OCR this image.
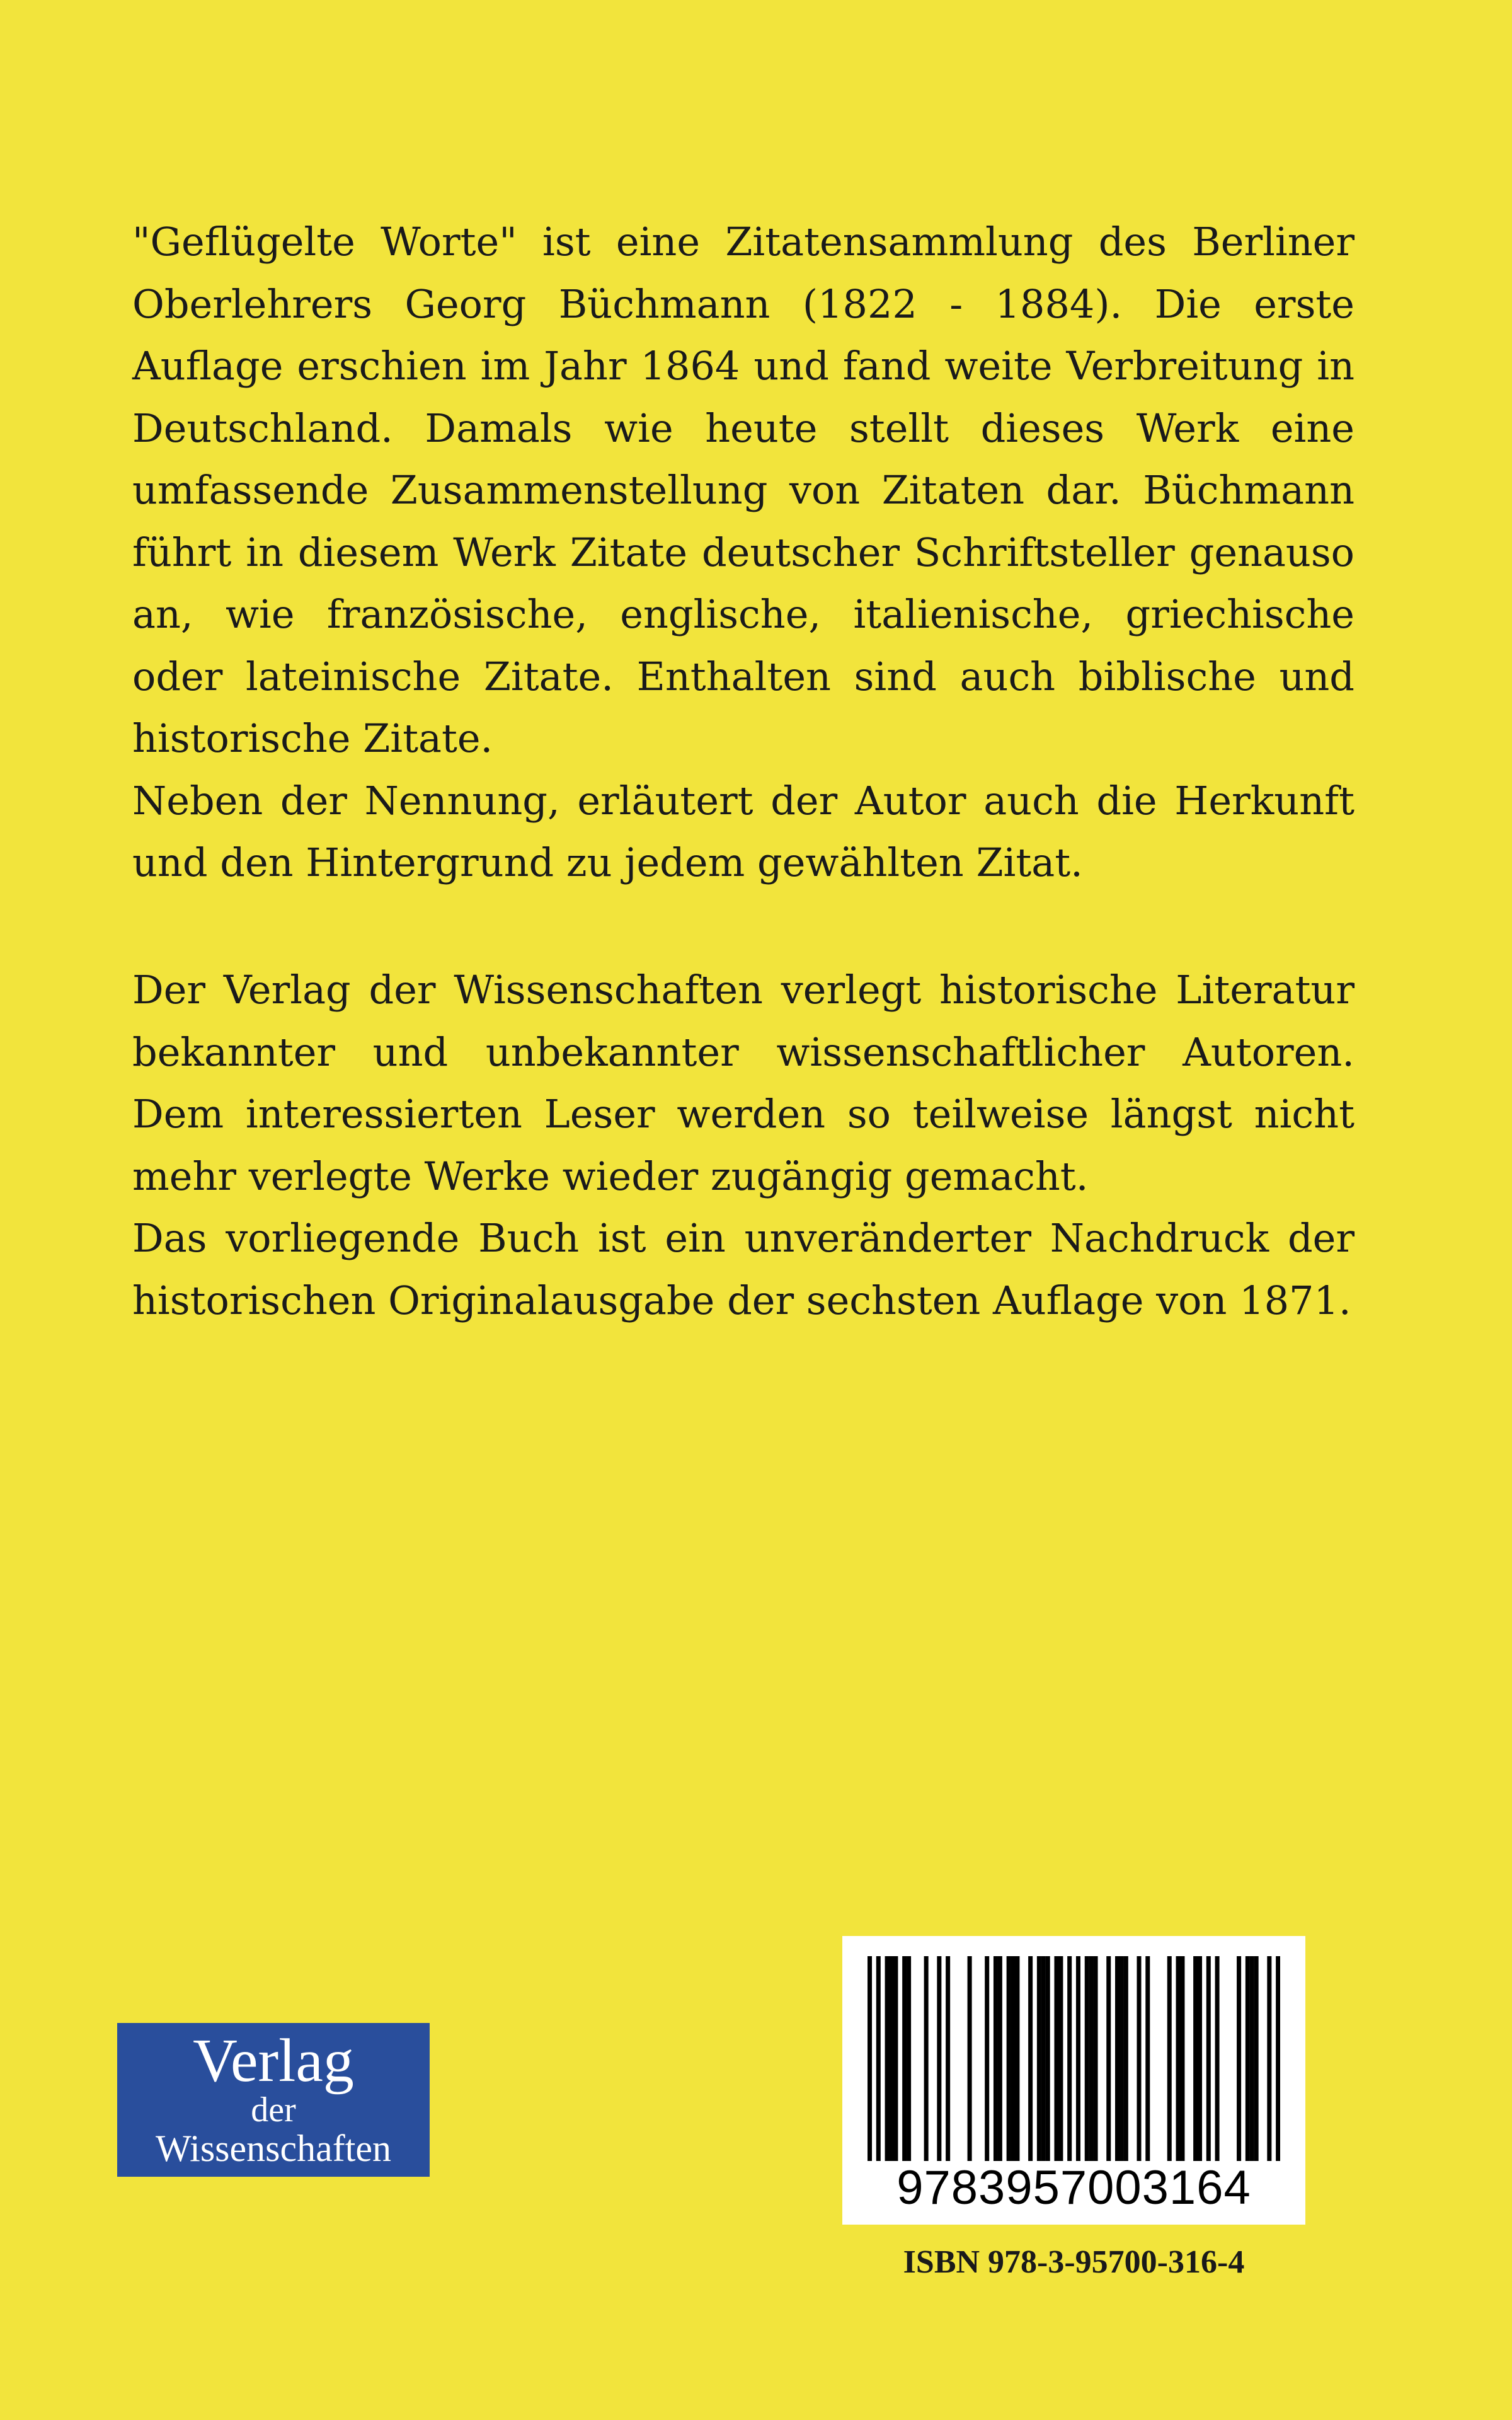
"Geflügelte Worte" ist eine Zitatensammlung des Berliner Oberlehrers Georg Büchmann (1822 - 1884). Die erste Auflage erschien im Jahr 1864 und fand weite Verbreitung in Deutschland. Damals wie heute stellt dieses Werk eine umfassende Zusammenstellung von Zitaten dar. Büchmann führt in diesem Werk Zitate deutscher Schriftsteller genauso an, wie französische, englische, italienische, griechische oder lateinische Zitate. Enthalten sind auch biblische und historische Zitate.

Neben der Nennung, erläutert der Autor auch die Herkunft und den Hintergrund zu jedem gewählten Zitat.

Der Verlag der Wissenschaften verlegt historische Literatur bekannter und unbekannter wissenschaftlicher Autoren. Dem interessierten Leser werden so teilweise längst nicht mehr verlegte Werke wieder zugängig gemacht.

Das vorliegende Buch ist ein unveränderter Nachdruck der historischen Originalausgabe der sechsten Auflage von 1871.

Verlag
der
Wissenschaften
9783957003164
ISBN 978-3-95700-316-4
